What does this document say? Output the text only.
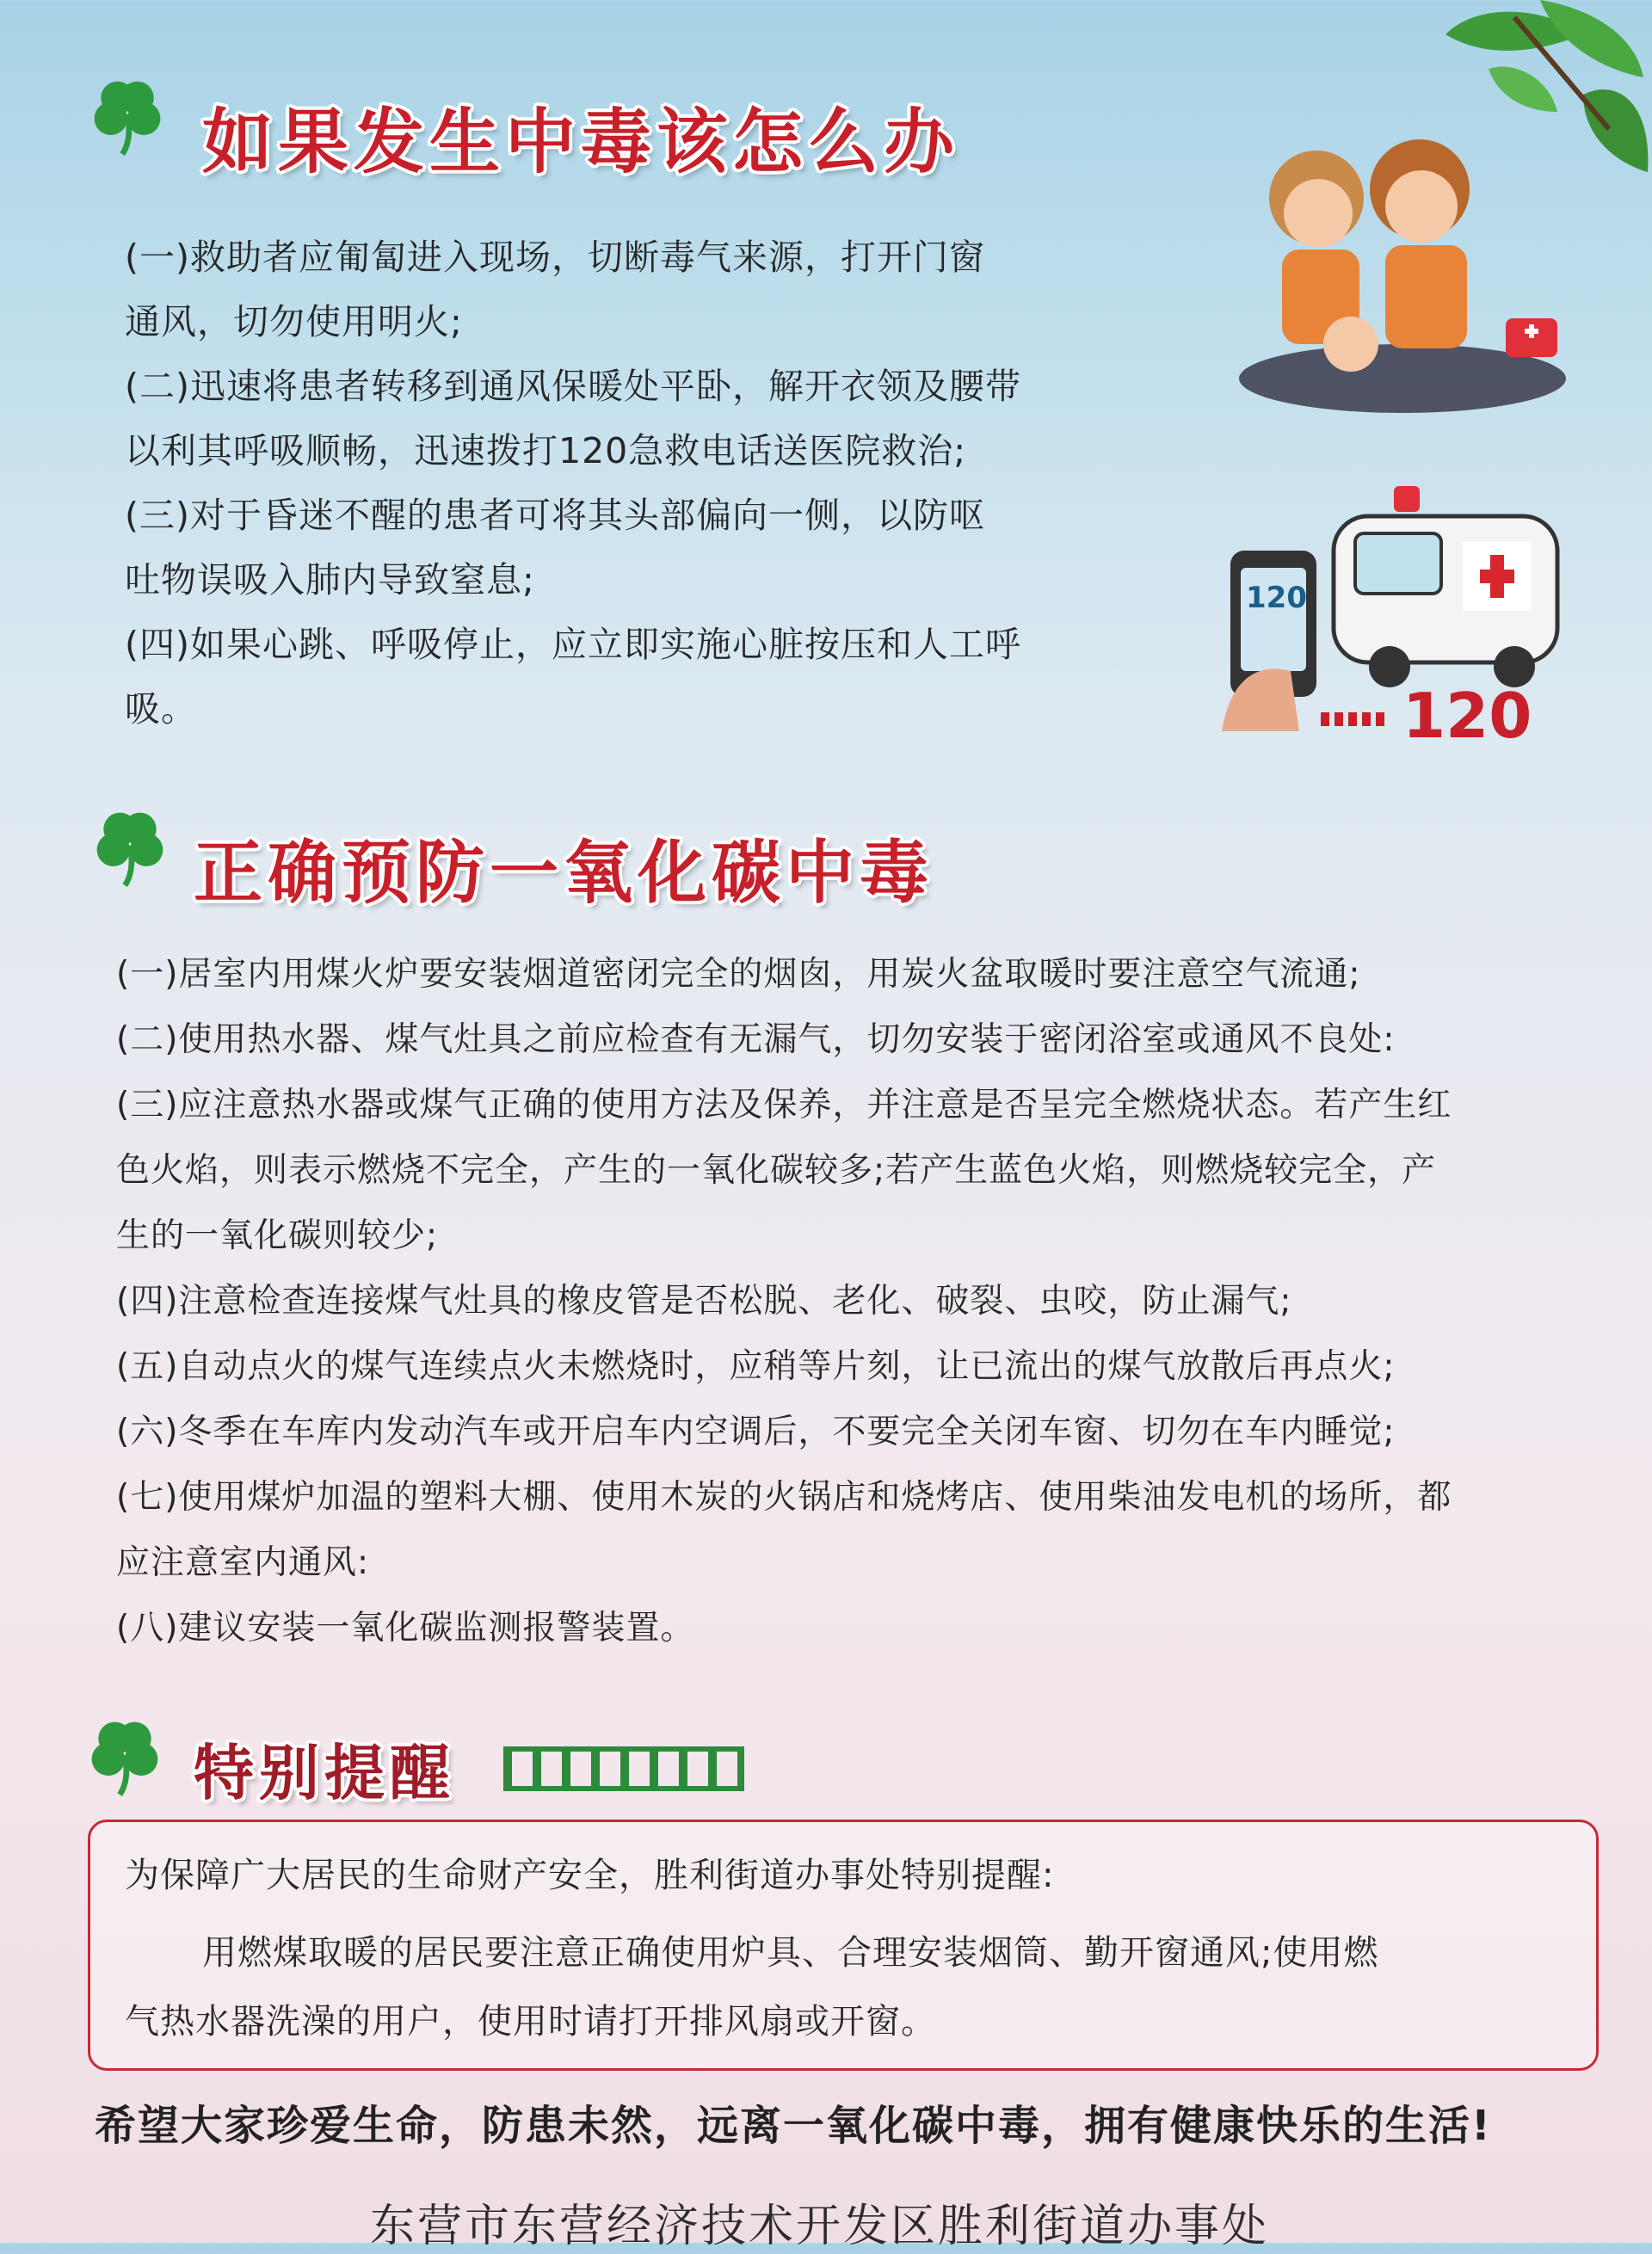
如果发生中毒该怎么办

(一)救助者应匍匐进入现场，切断毒气来源，打开门窗

通风，切勿使用明火;

(二)迅速将患者转移到通风保暖处平卧，解开衣领及腰带

以利其呼吸顺畅，迅速拨打120急救电话送医院救治;

(三)对于昏迷不醒的患者可将其头部偏向一侧，以防呕

吐物误吸入肺内导致窒息;

(四)如果心跳、呼吸停止，应立即实施心脏按压和人工呼

吸。

120
120
正确预防一氧化碳中毒

(一)居室内用煤火炉要安装烟道密闭完全的烟囱，用炭火盆取暖时要注意空气流通;

(二)使用热水器、煤气灶具之前应检查有无漏气，切勿安装于密闭浴室或通风不良处:

(三)应注意热水器或煤气正确的使用方法及保养，并注意是否呈完全燃烧状态。若产生红

色火焰，则表示燃烧不完全，产生的一氧化碳较多;若产生蓝色火焰，则燃烧较完全，产

生的一氧化碳则较少;

(四)注意检查连接煤气灶具的橡皮管是否松脱、老化、破裂、虫咬，防止漏气;

(五)自动点火的煤气连续点火未燃烧时，应稍等片刻，让已流出的煤气放散后再点火;

(六)冬季在车库内发动汽车或开启车内空调后，不要完全关闭车窗、切勿在车内睡觉;

(七)使用煤炉加温的塑料大棚、使用木炭的火锅店和烧烤店、使用柴油发电机的场所，都

应注意室内通风:

(八)建议安装一氧化碳监测报警装置。

特别提醒
为保障广大居民的生命财产安全，胜利街道办事处特别提醒:
用燃煤取暖的居民要注意正确使用炉具、合理安装烟筒、勤开窗通风;使用燃
气热水器洗澡的用户，使用时请打开排风扇或开窗。
希望大家珍爱生命，防患未然，远离一氧化碳中毒，拥有健康快乐的生活!
东营市东营经济技术开发区胜利街道办事处
